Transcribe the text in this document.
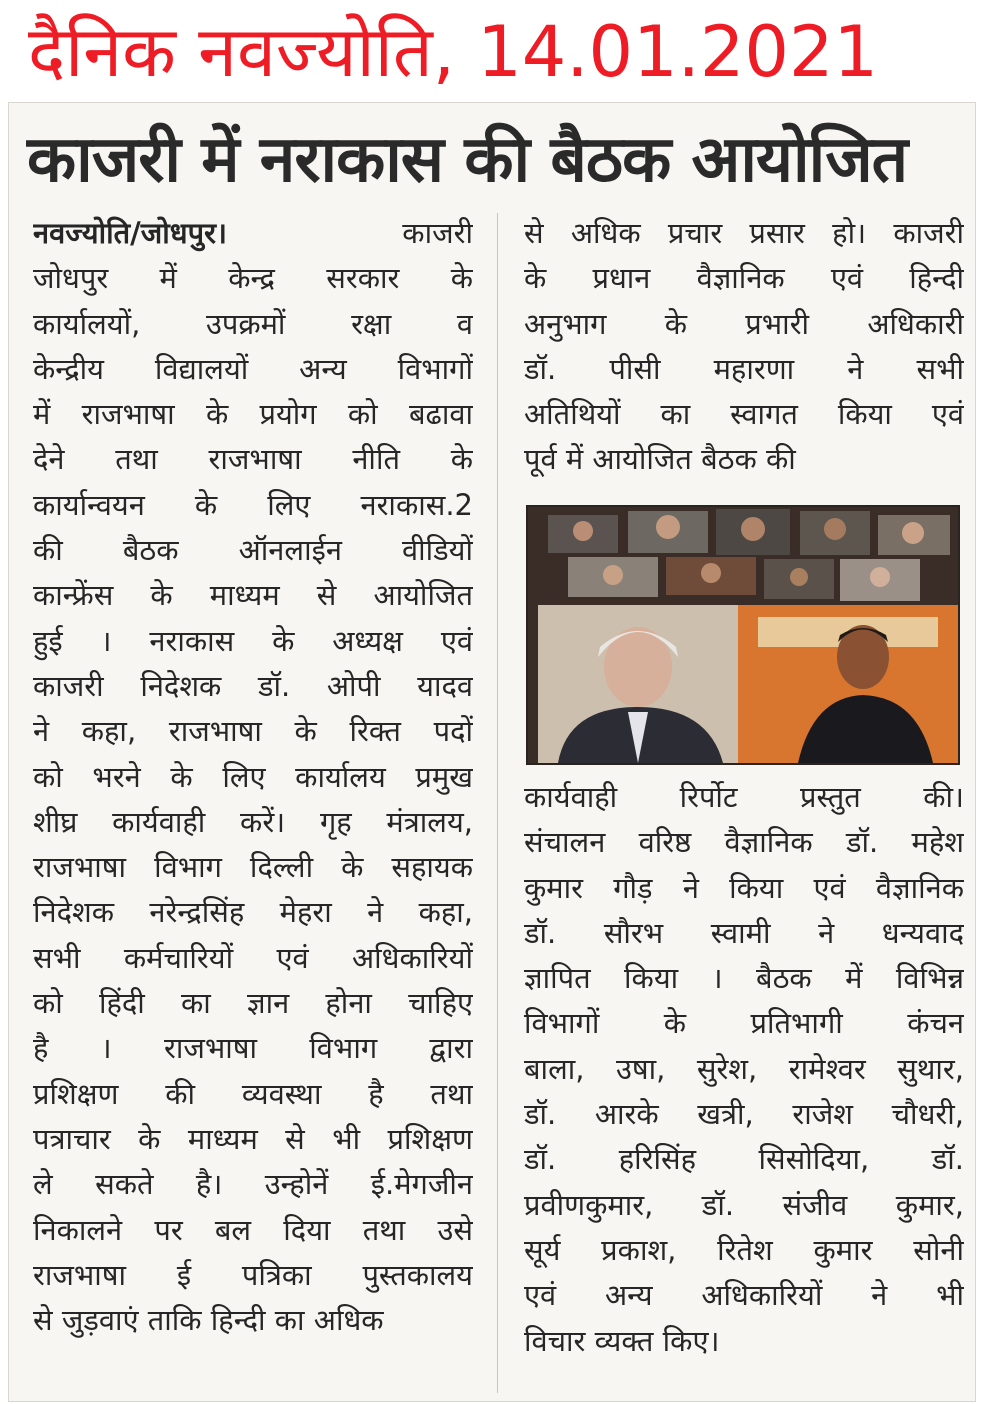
दैनिक नवज्योति, 14.01.2021
काजरी में नराकास की बैठक आयोजित
नवज्योति/जोधपुर। काजरी
जोधपुर में केन्द्र सरकार के
कार्यालयों, उपक्रमों रक्षा व
केन्द्रीय विद्यालयों अन्य विभागों
में राजभाषा के प्रयोग को बढावा
देने तथा राजभाषा नीति के
कार्यान्वयन के लिए नराकास.2
की बैठक ऑनलाईन वीडियों
कान्फ्रेंस के माध्यम से आयोजित
हुई । नराकास के अध्यक्ष एवं
काजरी निदेशक डॉ. ओपी यादव
ने कहा, राजभाषा के रिक्त पदों
को भरने के लिए कार्यालय प्रमुख
शीघ्र कार्यवाही करें। गृह मंत्रालय,
राजभाषा विभाग दिल्ली के सहायक
निदेशक नरेन्द्रसिंह मेहरा ने कहा,
सभी कर्मचारियों एवं अधिकारियों
को हिंदी का ज्ञान होना चाहिए
है । राजभाषा विभाग द्वारा
प्रशिक्षण की व्यवस्था है तथा
पत्राचार के माध्यम से भी प्रशिक्षण
ले सकते है। उन्होनें ई.मेगजीन
निकालने पर बल दिया तथा उसे
राजभाषा ई पत्रिका पुस्तकालय
से जुड़वाएं ताकि हिन्दी का अधिक
से अधिक प्रचार प्रसार हो। काजरी
के प्रधान वैज्ञानिक एवं हिन्दी
अनुभाग के प्रभारी अधिकारी
डॉ. पीसी महारणा ने सभी
अतिथियों का स्वागत किया एवं
पूर्व में आयोजित बैठक की
कार्यवाही रिर्पोट प्रस्तुत की।
संचालन वरिष्ठ वैज्ञानिक डॉ. महेश
कुमार गौड़ ने किया एवं वैज्ञानिक
डॉ. सौरभ स्वामी ने धन्यवाद
ज्ञापित किया । बैठक में विभिन्न
विभागों के प्रतिभागी कंचन
बाला, उषा, सुरेश, रामेश्वर सुथार,
डॉ. आरके खत्री, राजेश चौधरी,
डॉ. हरिसिंह सिसोदिया, डॉ.
प्रवीणकुमार, डॉ. संजीव कुमार,
सूर्य प्रकाश, रितेश कुमार सोनी
एवं अन्य अधिकारियों ने भी
विचार व्यक्त किए।
